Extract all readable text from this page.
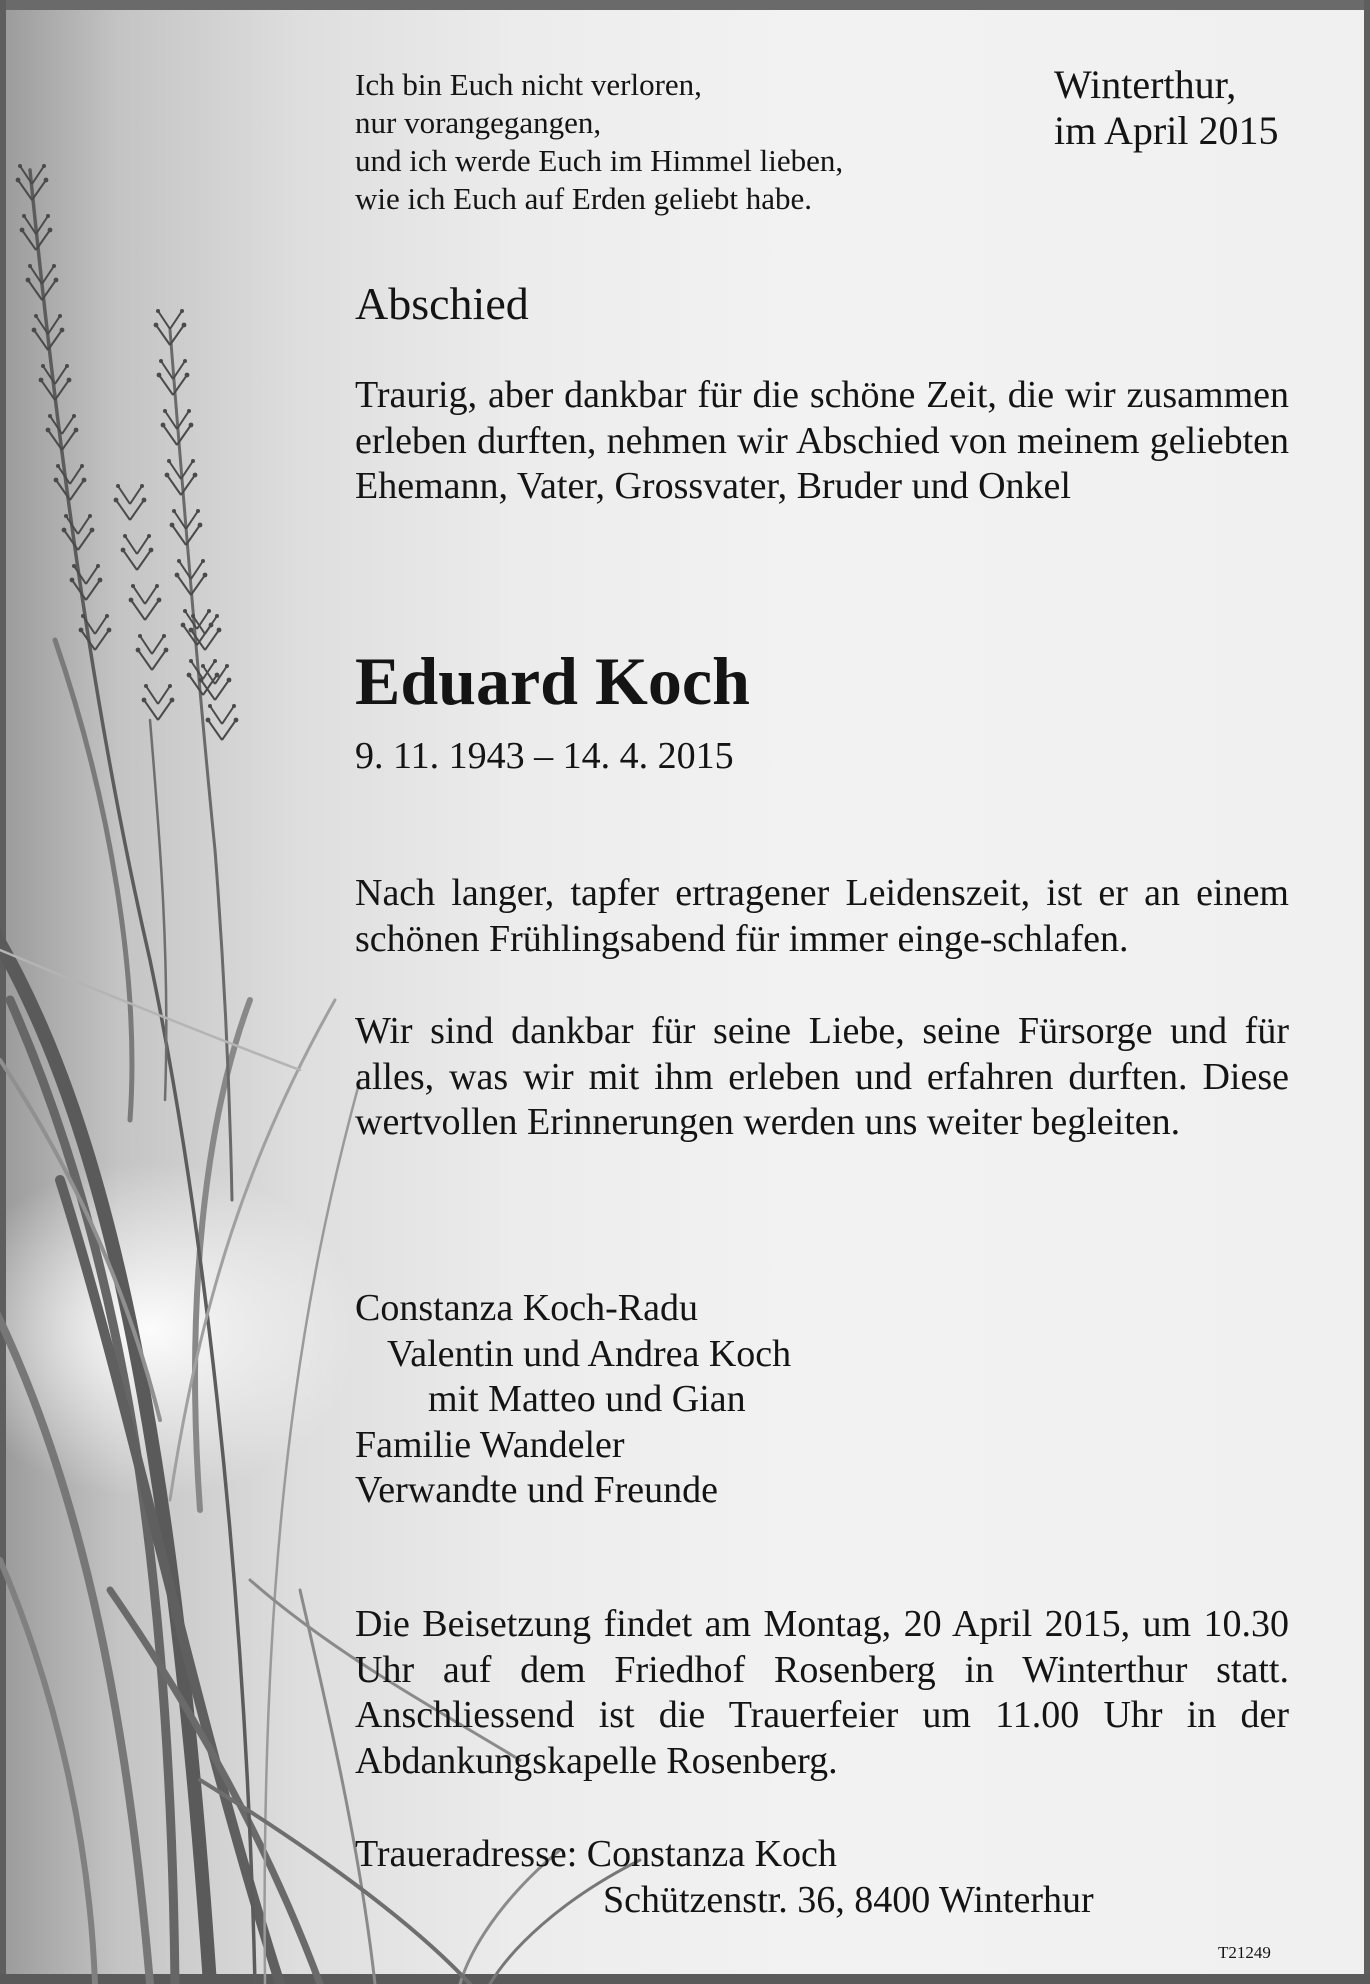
Ich bin Euch nicht verloren,
nur vorangegangen,
und ich werde Euch im Himmel lieben,
wie ich Euch auf Erden geliebt habe.
Winterthur,
im April 2015
Abschied
Traurig, aber dankbar für die schöne Zeit, die wir zusammen erleben durften, nehmen wir Abschied von meinem geliebten Ehemann, Vater, Grossvater, Bruder und Onkel
Eduard Koch
9. 11. 1943 – 14. 4. 2015
Nach langer, tapfer ertragener Leidenszeit, ist er an einem schönen Frühlingsabend für immer einge-schlafen.
Wir sind dankbar für seine Liebe, seine Fürsorge und für alles, was wir mit ihm erleben und erfahren durften. Diese wertvollen Erinnerungen werden uns weiter begleiten.
Constanza Koch-Radu
Valentin und Andrea Koch
mit Matteo und Gian
Familie Wandeler
Verwandte und Freunde
Die Beisetzung findet am Montag, 20 April 2015, um 10.30 Uhr auf dem Friedhof Rosenberg in Winterthur statt. Anschliessend ist die Trauerfeier um 11.00 Uhr in der Abdankungskapelle Rosenberg.
Traueradresse: Constanza Koch
Schützenstr. 36, 8400 Winterhur
T21249
